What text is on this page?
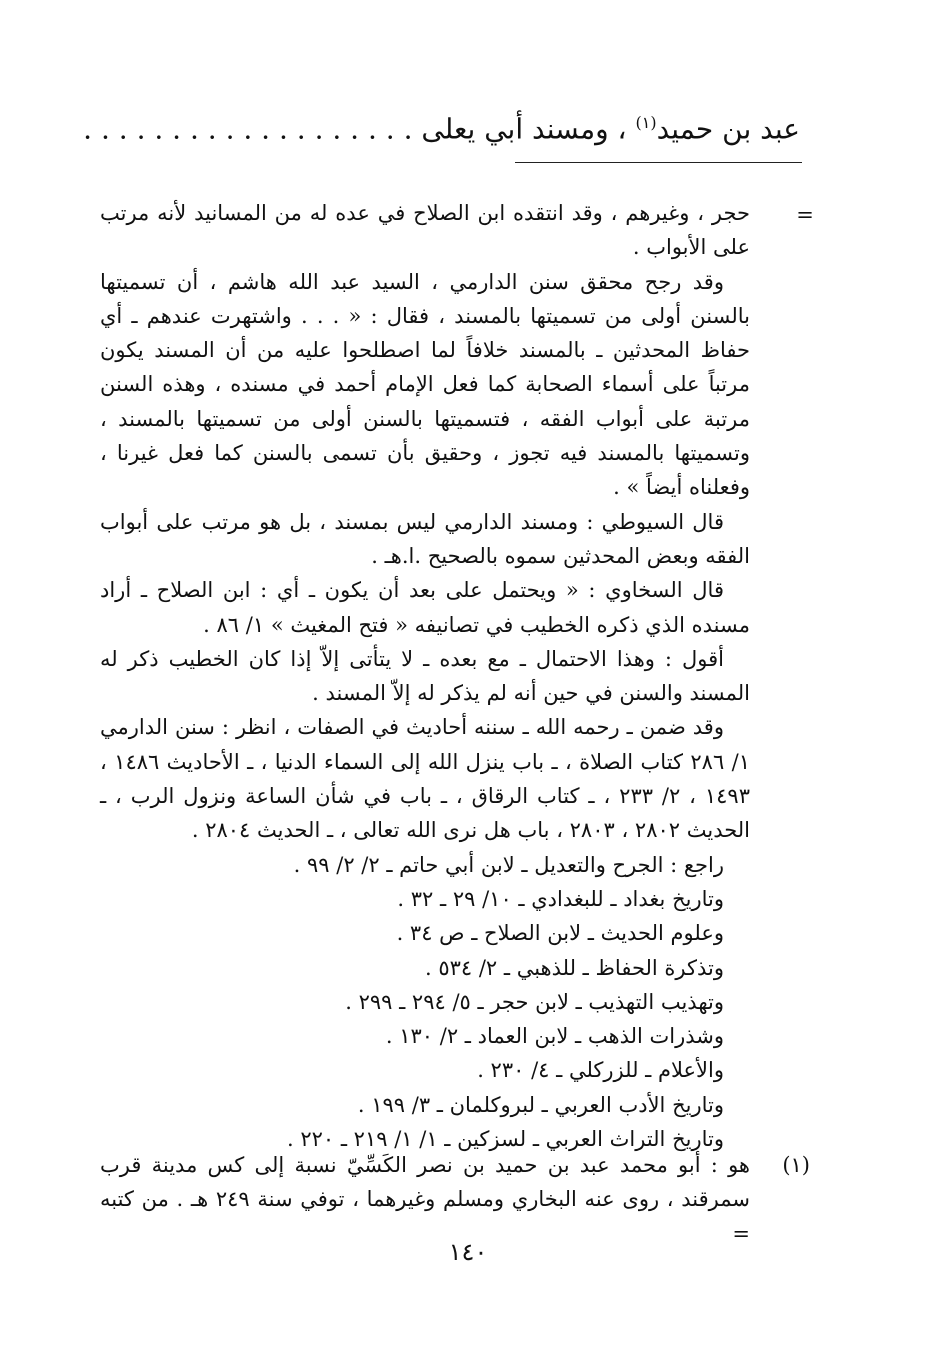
عبد بن حميد$^{(١)}$ ، ومسند أبي يعلى . . . . . . . . . . . . . . . . . . .
=

حجر ، وغيرهم ، وقد انتقده ابن الصلاح في عده له من المسانيد لأنه مرتب على الأبواب .

وقد رجح محقق سنن الدارمي ، السيد عبد الله هاشم ، أن تسميتها بالسنن أولى من تسميتها بالمسند ، فقال : « . . . واشتهرت عندهم ـ أي حفاظ المحدثين ـ بالمسند خلافاً لما اصطلحوا عليه من أن المسند يكون مرتباً على أسماء الصحابة كما فعل الإمام أحمد في مسنده ، وهذه السنن مرتبة على أبواب الفقه ، فتسميتها بالسنن أولى من تسميتها بالمسند ، وتسميتها بالمسند فيه تجوز ، وحقيق بأن تسمى بالسنن كما فعل غيرنا ، وفعلناه أيضاً » .

قال السيوطي : ومسند الدارمي ليس بمسند ، بل هو مرتب على أبواب الفقه وبعض المحدثين سموه بالصحيح .ا.هـ .

قال السخاوي : « ويحتمل على بعد أن يكون ـ أي : ابن الصلاح ـ أراد مسنده الذي ذكره الخطيب في تصانيفه « فتح المغيث » ١/ ٨٦ .

أقول : وهذا الاحتمال ـ مع بعده ـ لا يتأتى إلاّ إذا كان الخطيب ذكر له المسند والسنن في حين أنه لم يذكر له إلاّ المسند .

وقد ضمن ـ رحمه الله ـ سننه أحاديث في الصفات ، انظر : سنن الدارمي ١/ ٢٨٦ كتاب الصلاة ، ـ باب ينزل الله إلى السماء الدنيا ، ـ الأحاديث ١٤٨٦ ، ١٤٩٣ ، ٢/ ٢٣٣ ، ـ كتاب الرقاق ، ـ باب في شأن الساعة ونزول الرب ، ـ الحديث ٢٨٠٢ ، ٢٨٠٣ ، باب هل نرى الله تعالى ، ـ الحديث ٢٨٠٤ .

راجع : الجرح والتعديل ـ لابن أبي حاتم ـ ٢/ ٢/ ٩٩ .
وتاريخ بغداد ـ للبغدادي ـ ١٠/ ٢٩ ـ ٣٢ .
وعلوم الحديث ـ لابن الصلاح ـ ص ٣٤ .
وتذكرة الحفاظ ـ للذهبي ـ ٢/ ٥٣٤ .
وتهذيب التهذيب ـ لابن حجر ـ ٥/ ٢٩٤ ـ ٢٩٩ .
وشذرات الذهب ـ لابن العماد ـ ٢/ ١٣٠ .
والأعلام ـ للزركلي ـ ٤/ ٢٣٠ .
وتاريخ الأدب العربي ـ لبروكلمان ـ ٣/ ١٩٩ .
وتاريخ التراث العربي ـ لسزكين ـ ١/ ١/ ٢١٩ ـ ٢٢٠ .
(١)

هو : أبو محمد عبد بن حميد بن نصر الكَسِّيّ نسبة إلى كس مدينة قرب سمرقند ، روى عنه البخاري ومسلم وغيرهما ، توفي سنة ٢٤٩ هـ . من كتبه =

١٤٠
